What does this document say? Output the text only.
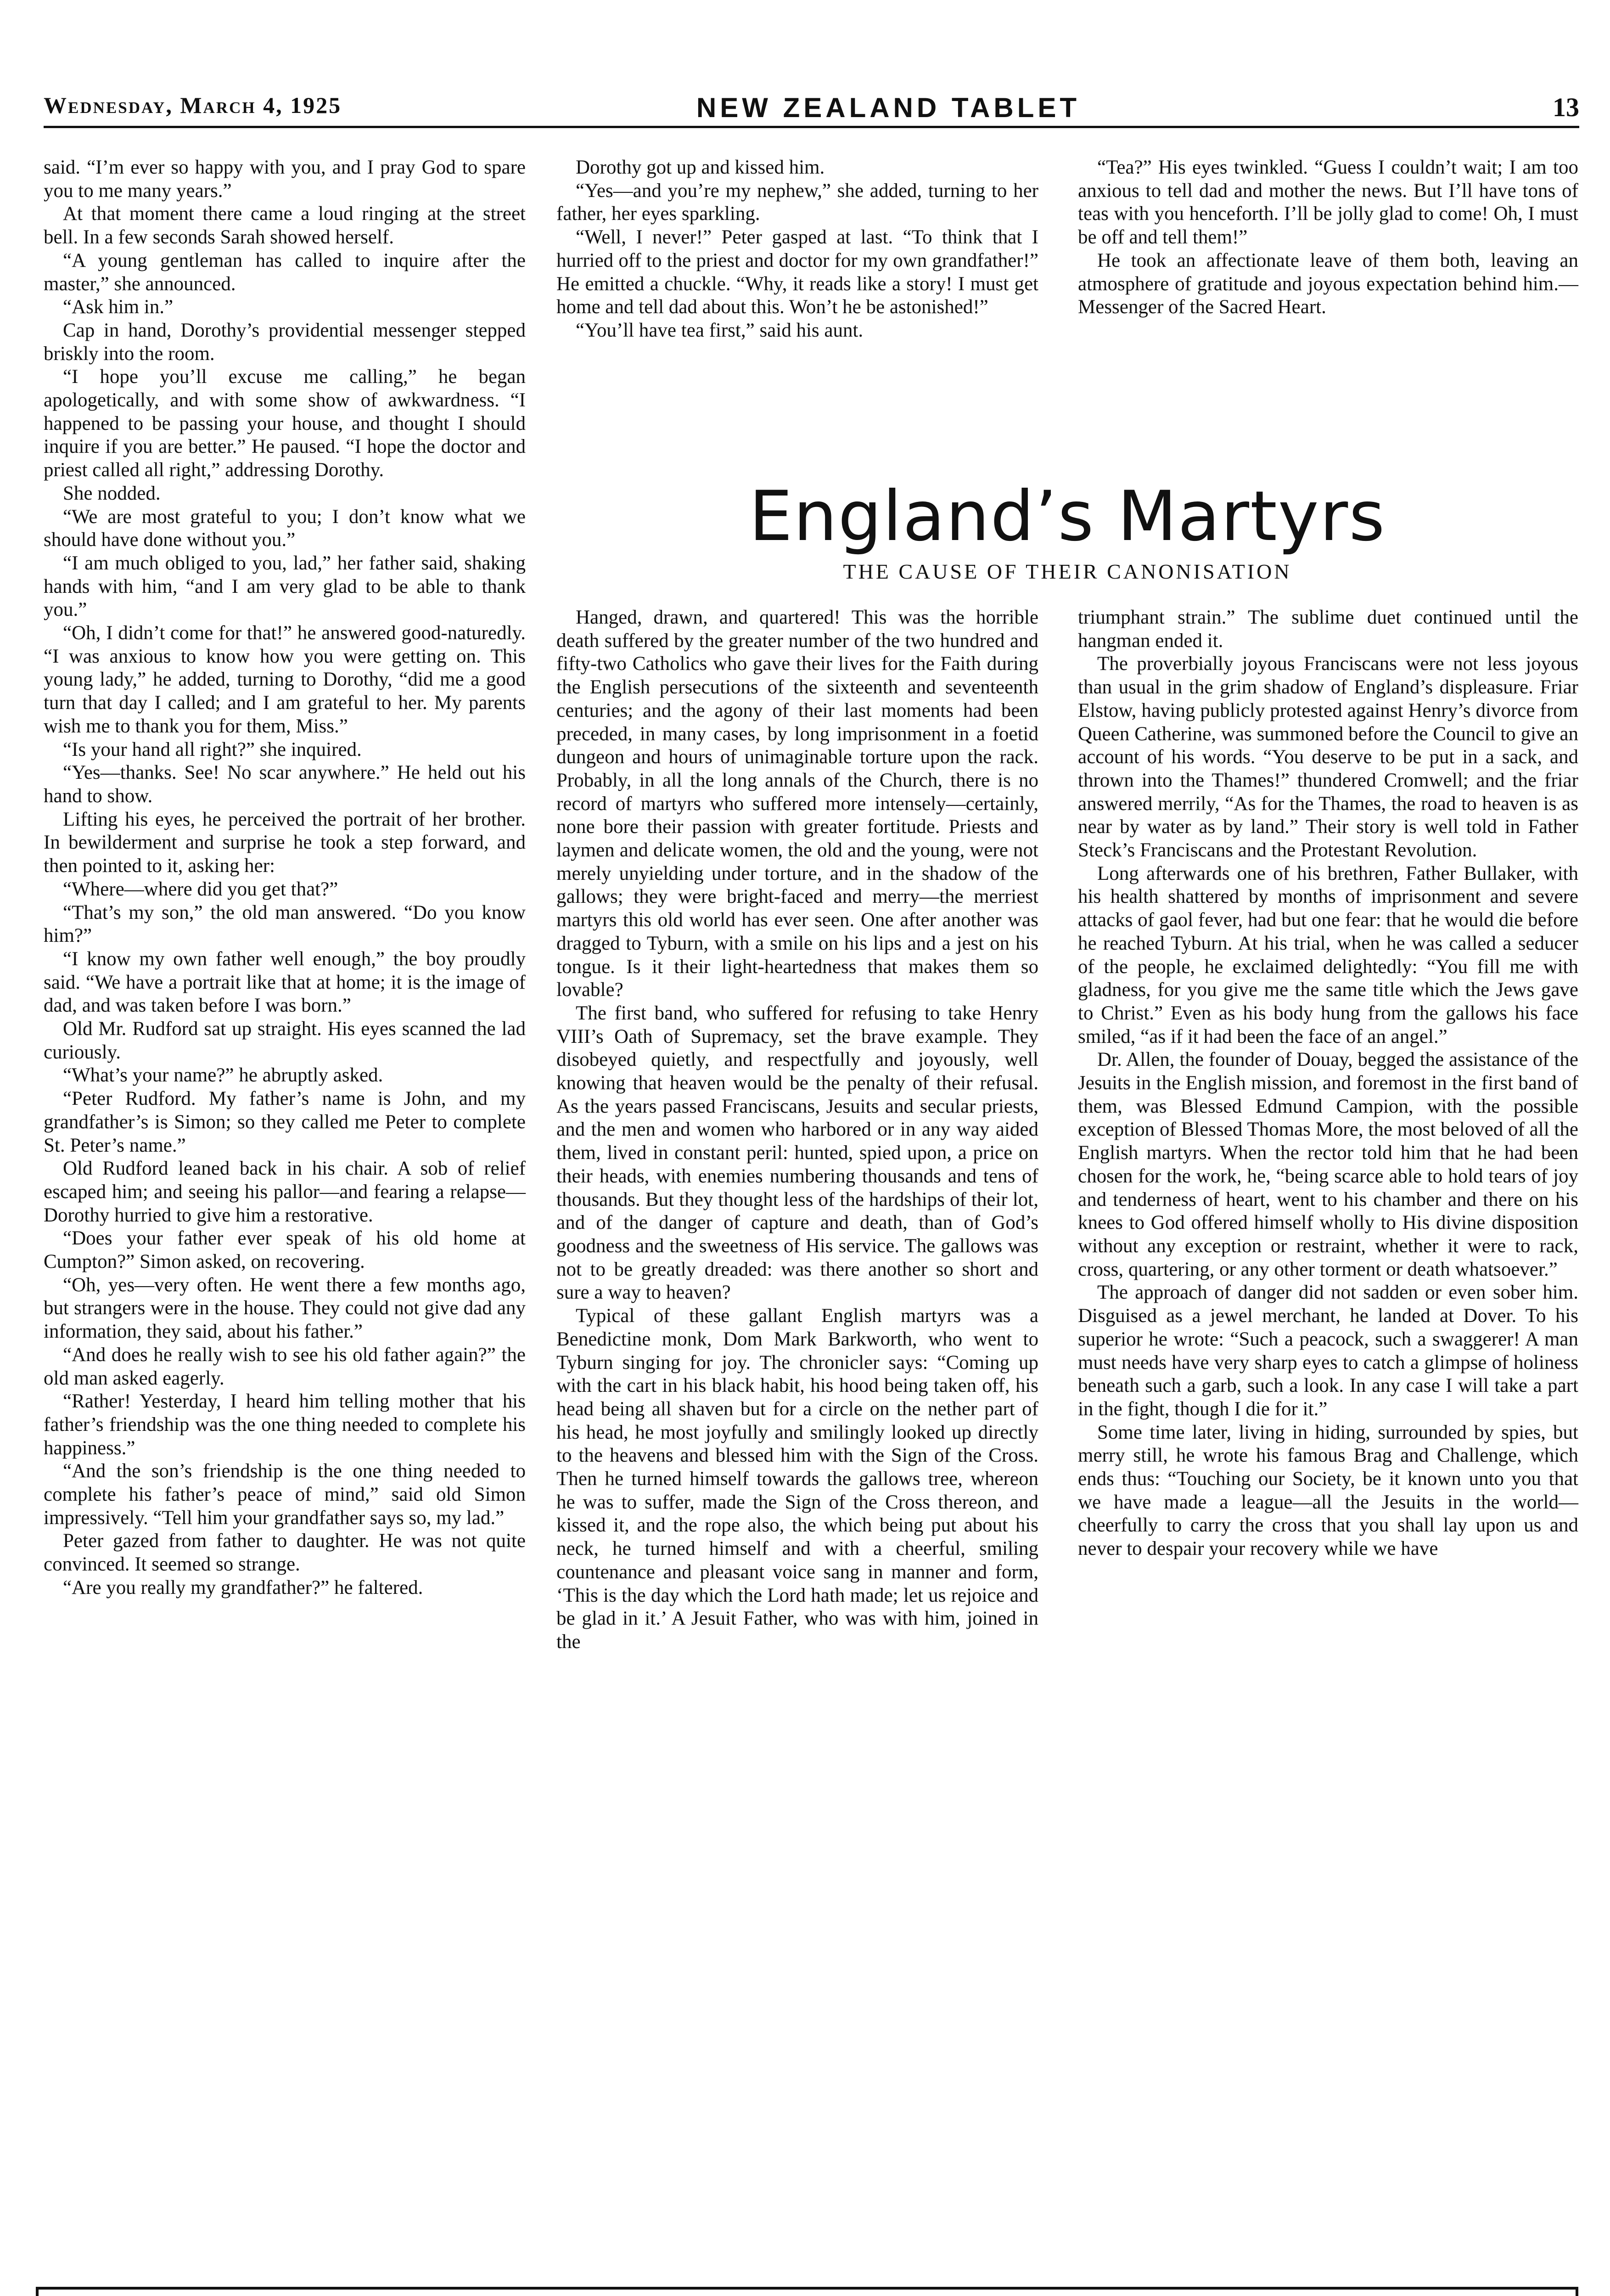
Wednesday, March 4, 1925	NEW ZEALAND TABLET	13

said. “I’m ever so happy with you, and I pray God to spare you to me many years.”

At that moment there came a loud ringing at the street bell. In a few seconds Sarah showed herself.

“A young gentleman has called to inquire after the master,” she announced.

“Ask him in.”

Cap in hand, Dorothy’s providential messenger stepped briskly into the room.

“I hope you’ll excuse me calling,” he began apologetically, and with some show of awkwardness. “I happened to be passing your house, and thought I should inquire if you are better.” He paused. “I hope the doctor and priest called all right,” addressing Dorothy.

She nodded.

“We are most grateful to you; I don’t know what we should have done without you.”

“I am much obliged to you, lad,” her father said, shaking hands with him, “and I am very glad to be able to thank you.”

“Oh, I didn’t come for that!” he answered good-naturedly. “I was anxious to know how you were getting on. This young lady,” he added, turning to Dorothy, “did me a good turn that day I called; and I am grateful to her. My parents wish me to thank you for them, Miss.”

“Is your hand all right?” she inquired.

“Yes—thanks. See! No scar anywhere.” He held out his hand to show.

Lifting his eyes, he perceived the portrait of her brother. In bewilderment and surprise he took a step forward, and then pointed to it, asking her:

“Where—where did you get that?”

“That’s my son,” the old man answered. “Do you know him?”

“I know my own father well enough,” the boy proudly said. “We have a portrait like that at home; it is the image of dad, and was taken before I was born.”

Old Mr. Rudford sat up straight. His eyes scanned the lad curiously.

“What’s your name?” he abruptly asked.

“Peter Rudford. My father’s name is John, and my grandfather’s is Simon; so they called me Peter to complete St. Peter’s name.”

Old Rudford leaned back in his chair. A sob of relief escaped him; and seeing his pallor—and fearing a relapse—Dorothy hurried to give him a restorative.

“Does your father ever speak of his old home at Cumpton?” Simon asked, on recovering.

“Oh, yes—very often. He went there a few months ago, but strangers were in the house. They could not give dad any information, they said, about his father.”

“And does he really wish to see his old father again?” the old man asked eagerly.

“Rather! Yesterday, I heard him telling mother that his father’s friendship was the one thing needed to complete his happiness.”

“And the son’s friendship is the one thing needed to complete his father’s peace of mind,” said old Simon impressively. “Tell him your grandfather says so, my lad.”

Peter gazed from father to daughter. He was not quite convinced. It seemed so strange.

“Are you really my grandfather?” he faltered.

Dorothy got up and kissed him.

“Yes—and you’re my nephew,” she added, turning to her father, her eyes sparkling.

“Well, I never!” Peter gasped at last. “To think that I hurried off to the priest and doctor for my own grandfather!” He emitted a chuckle. “Why, it reads like a story! I must get home and tell dad about this. Won’t he be astonished!”

“You’ll have tea first,” said his aunt.

“Tea?” His eyes twinkled. “Guess I couldn’t wait; I am too anxious to tell dad and mother the news. But I’ll have tons of teas with you henceforth. I’ll be jolly glad to come! Oh, I must be off and tell them!”

He took an affectionate leave of them both, leaving an atmosphere of gratitude and joyous expectation behind him.—Messenger of the Sacred Heart.

England’s Martyrs
THE CAUSE OF THEIR CANONISATION

Hanged, drawn, and quartered! This was the horrible death suffered by the greater number of the two hundred and fifty-two Catholics who gave their lives for the Faith during the English persecutions of the sixteenth and seventeenth centuries; and the agony of their last moments had been preceded, in many cases, by long imprisonment in a foetid dungeon and hours of unimaginable torture upon the rack. Probably, in all the long annals of the Church, there is no record of martyrs who suffered more intensely—certainly, none bore their passion with greater fortitude. Priests and laymen and delicate women, the old and the young, were not merely unyielding under torture, and in the shadow of the gallows; they were bright-faced and merry—the merriest martyrs this old world has ever seen. One after another was dragged to Tyburn, with a smile on his lips and a jest on his tongue. Is it their light-heartedness that makes them so lovable?

The first band, who suffered for refusing to take Henry VIII’s Oath of Supremacy, set the brave example. They disobeyed quietly, and respectfully and joyously, well knowing that heaven would be the penalty of their refusal. As the years passed Franciscans, Jesuits and secular priests, and the men and women who harbored or in any way aided them, lived in constant peril: hunted, spied upon, a price on their heads, with enemies numbering thousands and tens of thousands. But they thought less of the hardships of their lot, and of the danger of capture and death, than of God’s goodness and the sweetness of His service. The gallows was not to be greatly dreaded: was there another so short and sure a way to heaven?

Typical of these gallant English martyrs was a Benedictine monk, Dom Mark Barkworth, who went to Tyburn singing for joy. The chronicler says: “Coming up with the cart in his black habit, his hood being taken off, his head being all shaven but for a circle on the nether part of his head, he most joyfully and smilingly looked up directly to the heavens and blessed him with the Sign of the Cross. Then he turned himself towards the gallows tree, whereon he was to suffer, made the Sign of the Cross thereon, and kissed it, and the rope also, the which being put about his neck, he turned himself and with a cheerful, smiling countenance and pleasant voice sang in manner and form, ‘This is the day which the Lord hath made; let us rejoice and be glad in it.’ A Jesuit Father, who was with him, joined in the

triumphant strain.” The sublime duet continued until the hangman ended it.

The proverbially joyous Franciscans were not less joyous than usual in the grim shadow of England’s displeasure. Friar Elstow, having publicly protested against Henry’s divorce from Queen Catherine, was summoned before the Council to give an account of his words. “You deserve to be put in a sack, and thrown into the Thames!” thundered Cromwell; and the friar answered merrily, “As for the Thames, the road to heaven is as near by water as by land.” Their story is well told in Father Steck’s Franciscans and the Protestant Revolution.

Long afterwards one of his brethren, Father Bullaker, with his health shattered by months of imprisonment and severe attacks of gaol fever, had but one fear: that he would die before he reached Tyburn. At his trial, when he was called a seducer of the people, he exclaimed delightedly: “You fill me with gladness, for you give me the same title which the Jews gave to Christ.” Even as his body hung from the gallows his face smiled, “as if it had been the face of an angel.”

Dr. Allen, the founder of Douay, begged the assistance of the Jesuits in the English mission, and foremost in the first band of them, was Blessed Edmund Campion, with the possible exception of Blessed Thomas More, the most beloved of all the English martyrs. When the rector told him that he had been chosen for the work, he, “being scarce able to hold tears of joy and tenderness of heart, went to his chamber and there on his knees to God offered himself wholly to His divine disposition without any exception or restraint, whether it were to rack, cross, quartering, or any other torment or death whatsoever.”

The approach of danger did not sadden or even sober him. Disguised as a jewel merchant, he landed at Dover. To his superior he wrote: “Such a peacock, such a swaggerer! A man must needs have very sharp eyes to catch a glimpse of holiness beneath such a garb, such a look. In any case I will take a part in the fight, though I die for it.”

Some time later, living in hiding, surrounded by spies, but merry still, he wrote his famous Brag and Challenge, which ends thus: “Touching our Society, be it known unto you that we have made a league—all the Jesuits in the world—cheerfully to carry the cross that you shall lay upon us and never to despair your recovery while we have
